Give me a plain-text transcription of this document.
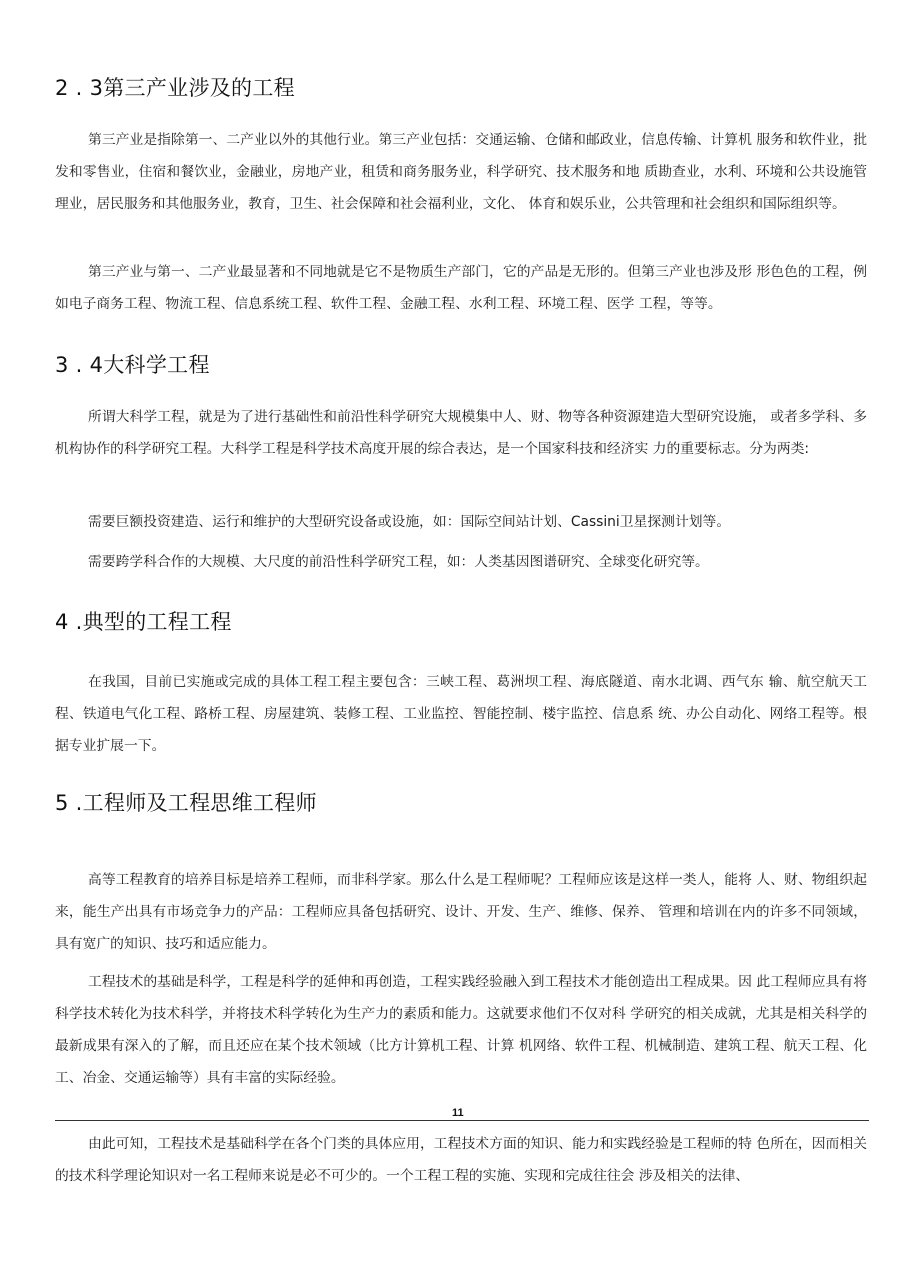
2 . 3第三产业涉及的工程

第三产业是指除第一、二产业以外的其他行业。第三产业包括：交通运输、仓储和邮政业，信息传输、计算机 服务和软件业，批发和零售业，住宿和餐饮业，金融业，房地产业，租赁和商务服务业，科学研究、技术服务和地 质勘查业，水利、环境和公共设施管理业，居民服务和其他服务业，教育，卫生、社会保障和社会福利业，文化、 体育和娱乐业，公共管理和社会组织和国际组织等。

第三产业与第一、二产业最显著和不同地就是它不是物质生产部门，它的产品是无形的。但第三产业也涉及形 形色色的工程，例如电子商务工程、物流工程、信息系统工程、软件工程、金融工程、水利工程、环境工程、医学 工程，等等。

3 . 4大科学工程

所谓大科学工程，就是为了进行基础性和前沿性科学研究大规模集中人、财、物等各种资源建造大型研究设施， 或者多学科、多机构协作的科学研究工程。大科学工程是科学技术高度开展的综合表达，是一个国家科技和经济实 力的重要标志。分为两类:

需要巨额投资建造、运行和维护的大型研究设备或设施，如：国际空间站计划、Cassini卫星探测计划等。

需要跨学科合作的大规模、大尺度的前沿性科学研究工程，如：人类基因图谱研究、全球变化研究等。

4 .典型的工程工程

在我国，目前已实施或完成的具体工程工程主要包含：三峡工程、葛洲坝工程、海底隧道、南水北调、西气东 输、航空航天工程、铁道电气化工程、路桥工程、房屋建筑、装修工程、工业监控、智能控制、楼宇监控、信息系 统、办公自动化、网络工程等。根据专业扩展一下。

5 .工程师及工程思维工程师

高等工程教育的培养目标是培养工程师，而非科学家。那么什么是工程师呢？工程师应该是这样一类人，能将 人、财、物组织起来，能生产出具有市场竞争力的产品：工程师应具备包括研究、设计、开发、生产、维修、保养、 管理和培训在内的许多不同领域，具有宽广的知识、技巧和适应能力。

工程技术的基础是科学，工程是科学的延伸和再创造，工程实践经验融入到工程技术才能创造出工程成果。因 此工程师应具有将科学技术转化为技术科学，并将技术科学转化为生产力的素质和能力。这就要求他们不仅对科 学研究的相关成就，尤其是相关科学的最新成果有深入的了解，而且还应在某个技术领域（比方计算机工程、计算 机网络、软件工程、机械制造、建筑工程、航天工程、化工、冶金、交通运输等）具有丰富的实际经验。

11

由此可知，工程技术是基础科学在各个门类的具体应用，工程技术方面的知识、能力和实践经验是工程师的特 色所在，因而相关的技术科学理论知识对一名工程师来说是必不可少的。一个工程工程的实施、实现和完成往往会 涉及相关的法律、
